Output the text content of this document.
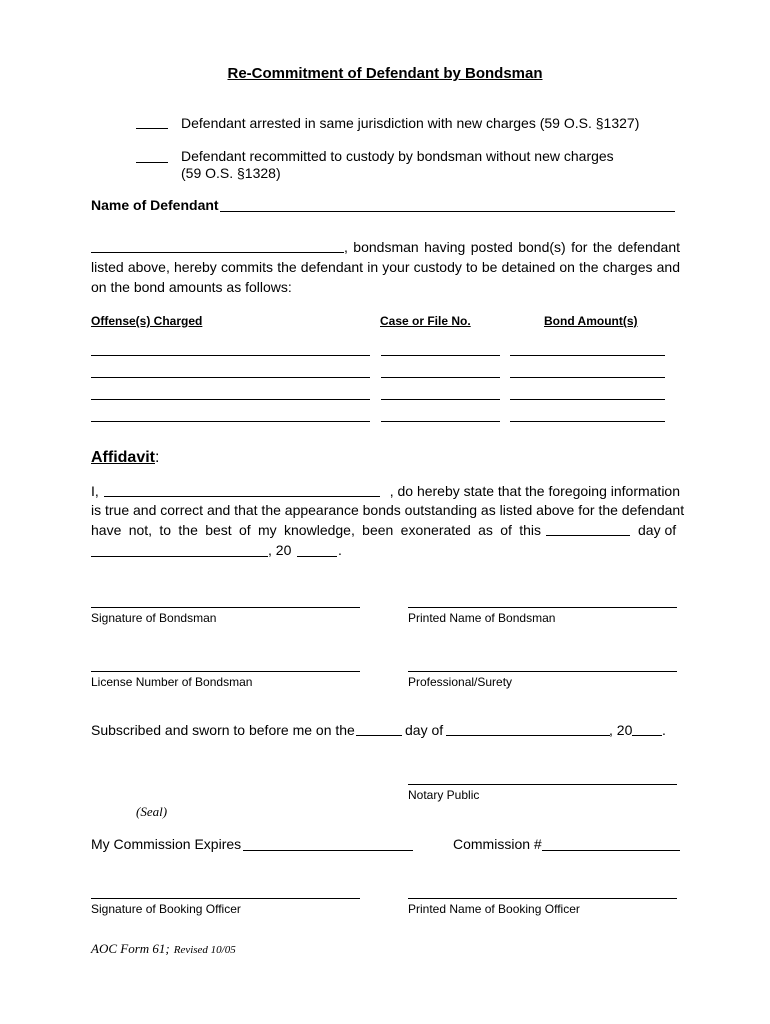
Re-Commitment of Defendant by Bondsman
Defendant arrested in same jurisdiction with new charges (59 O.S. §1327)
Defendant recommitted to custody by bondsman without new charges
(59 O.S. §1328)
Name of Defendant
, bondsman having posted bond(s) for the defendant listed above, hereby commits the defendant in your custody to be detained on the charges and on the bond amounts as follows:
Offense(s) Charged	Case or File No.	Bond Amount(s)
Affidavit:
I,	, do hereby state that the foregoing information
is true and correct and that the appearance bonds outstanding as listed above for the defendant
have not, to the best of my knowledge, been exonerated as of this	day of
, 20	.
Signature of Bondsman	Printed Name of Bondsman
License Number of Bondsman	Professional/Surety
Subscribed and sworn to before me on the	day of	, 20 .
Notary Public
(Seal)
My Commission Expires	Commission #
Signature of Booking Officer	Printed Name of Booking Officer
AOC Form 61; Revised 10/05
